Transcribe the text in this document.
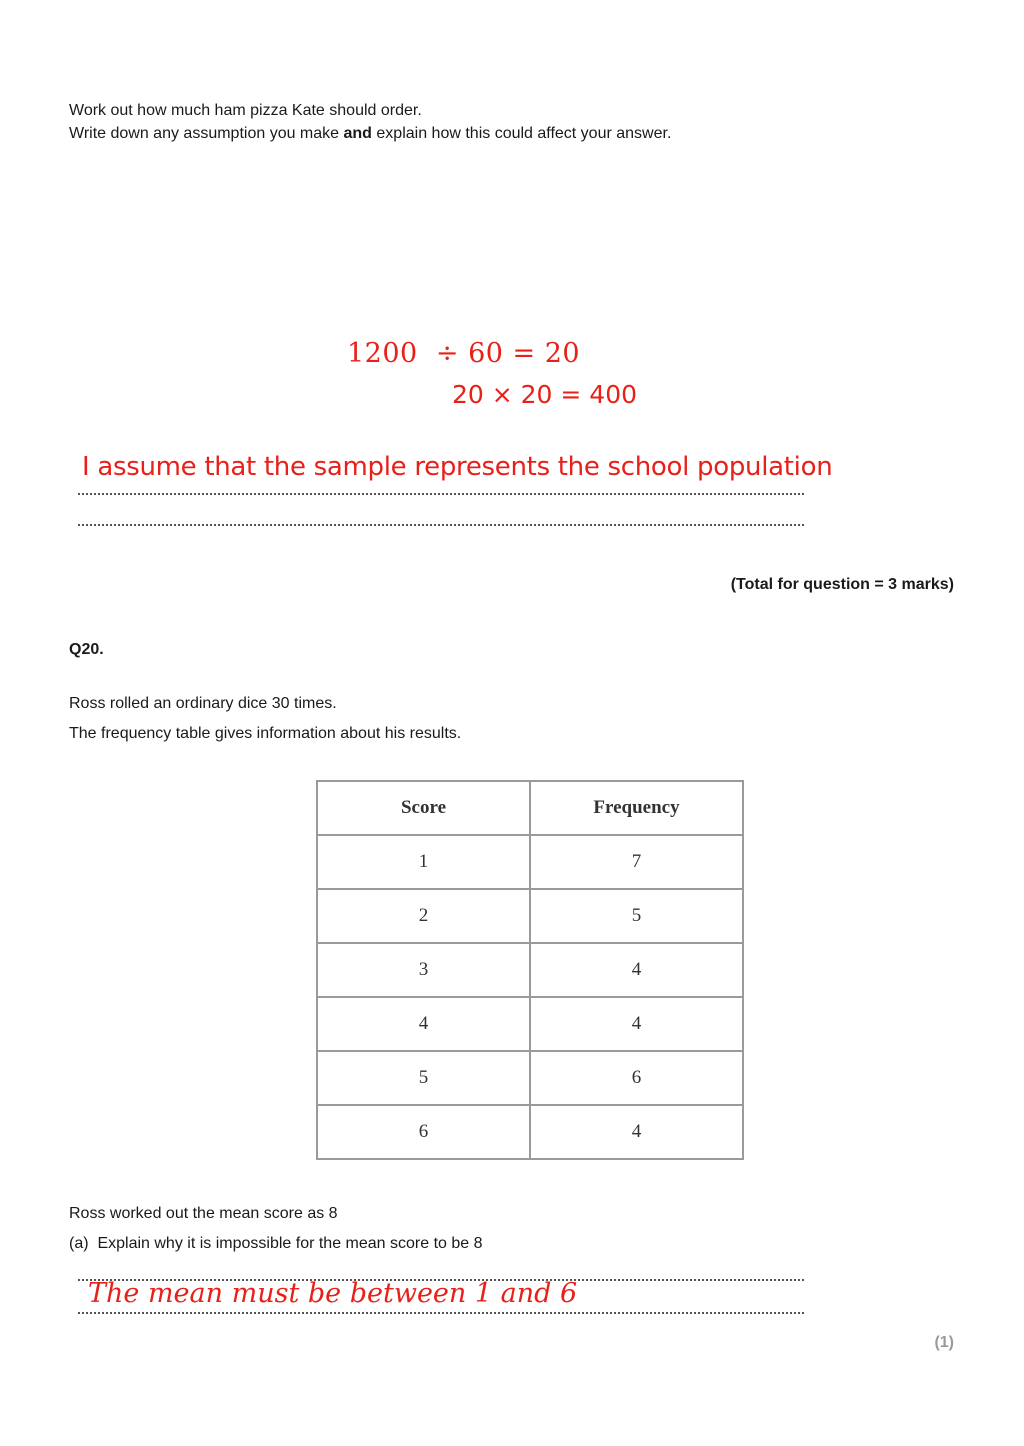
Work out how much ham pizza Kate should order.
Write down any assumption you make and explain how this could affect your answer.
1200  ÷ 60 = 20
20 × 20 = 400
I assume that the sample represents the school population
(Total for question = 3 marks)
Q20.
Ross rolled an ordinary dice 30 times.
The frequency table gives information about his results.
Score	Frequency
1	7
2	5
3	4
4	4
5	6
6	4
Ross worked out the mean score as 8
(a)  Explain why it is impossible for the mean score to be 8
The mean must be between 1 and 6
(1)
